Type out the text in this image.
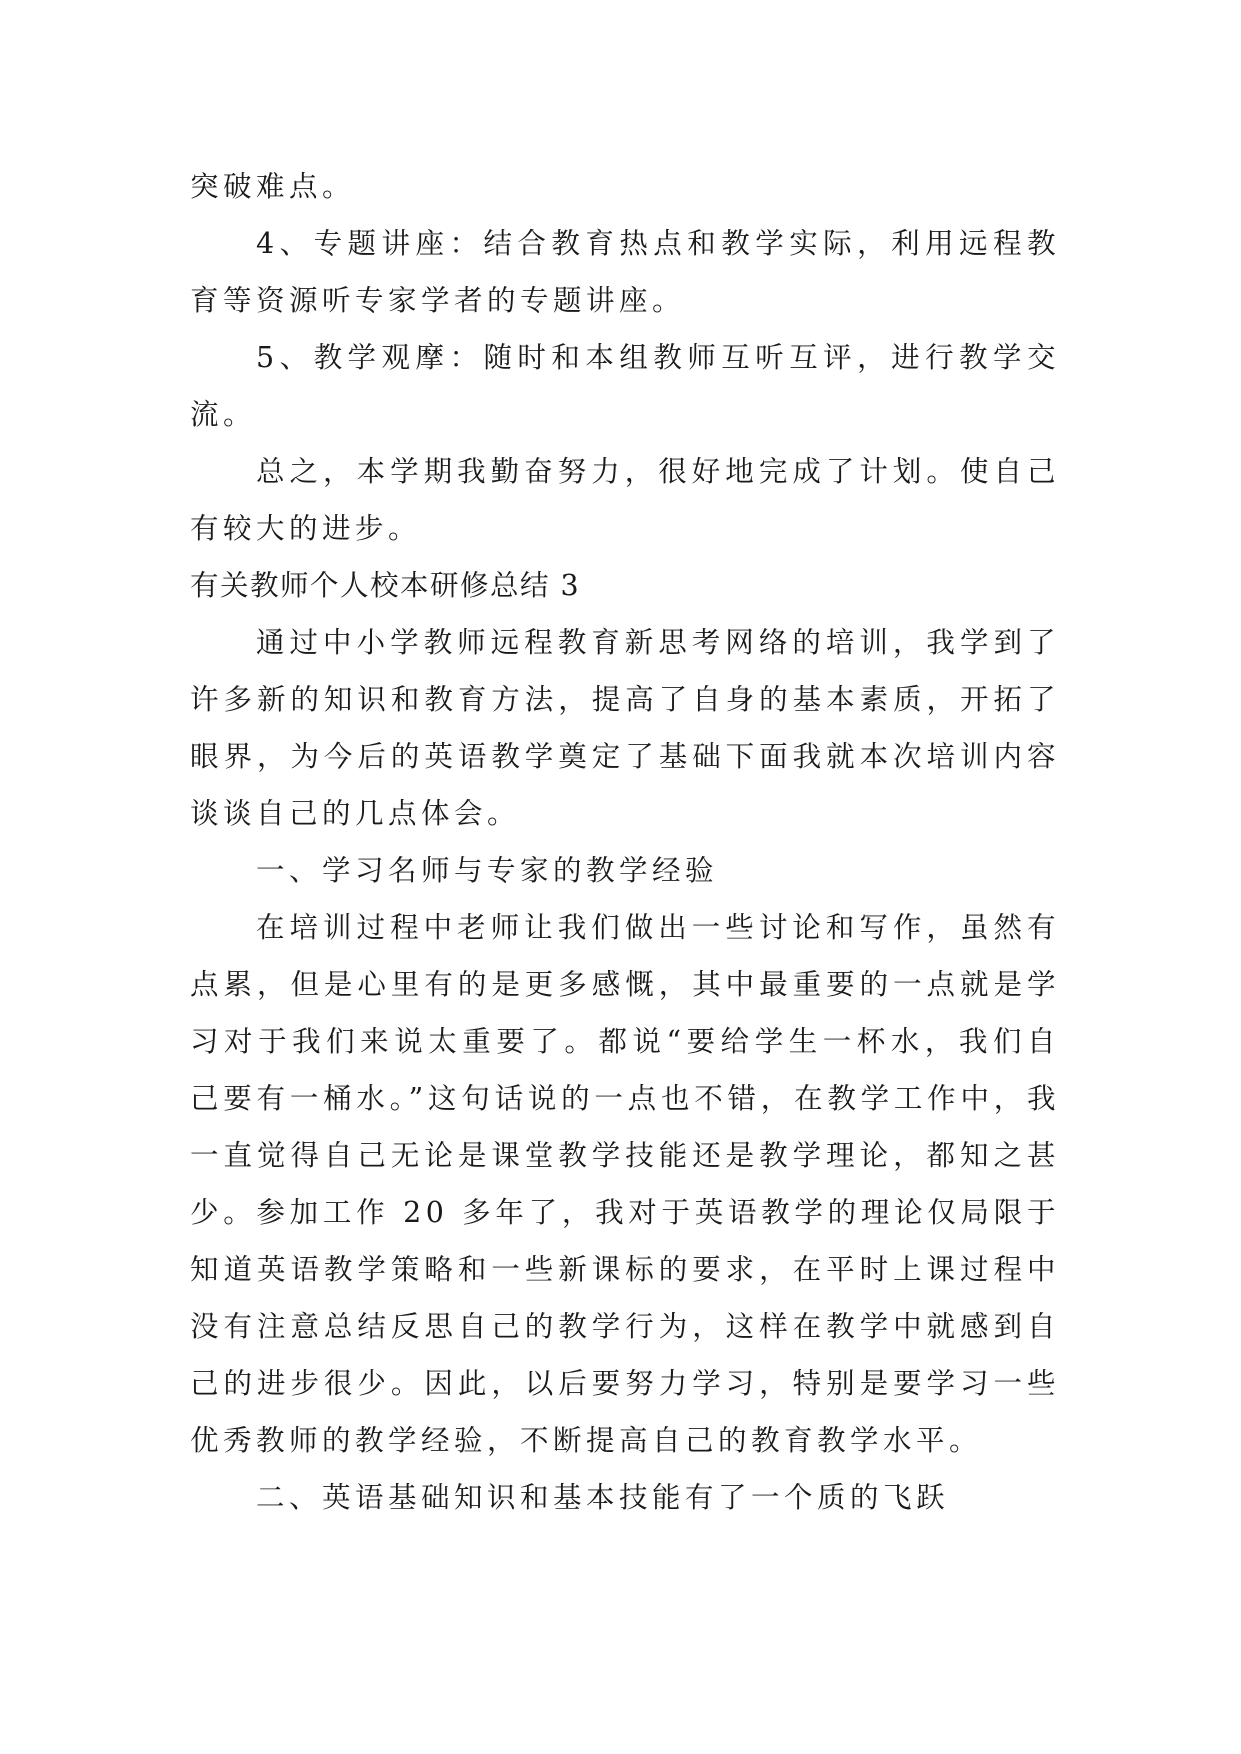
突破难点。

4、专题讲座：结合教育热点和教学实际，利用远程教育等资源听专家学者的专题讲座。

5、教学观摩：随时和本组教师互听互评，进行教学交流。

总之，本学期我勤奋努力，很好地完成了计划。使自己有较大的进步。

有关教师个人校本研修总结 3

通过中小学教师远程教育新思考网络的培训，我学到了许多新的知识和教育方法，提高了自身的基本素质，开拓了眼界，为今后的英语教学奠定了基础下面我就本次培训内容谈谈自己的几点体会。

一、学习名师与专家的教学经验

在培训过程中老师让我们做出一些讨论和写作，虽然有点累，但是心里有的是更多感慨，其中最重要的一点就是学习对于我们来说太重要了。都说“要给学生一杯水，我们自己要有一桶水。”这句话说的一点也不错，在教学工作中，我一直觉得自己无论是课堂教学技能还是教学理论，都知之甚少。参加工作 20 多年了，我对于英语教学的理论仅局限于知道英语教学策略和一些新课标的要求，在平时上课过程中没有注意总结反思自己的教学行为，这样在教学中就感到自己的进步很少。因此，以后要努力学习，特别是要学习一些优秀教师的教学经验，不断提高自己的教育教学水平。

二、英语基础知识和基本技能有了一个质的飞跃
